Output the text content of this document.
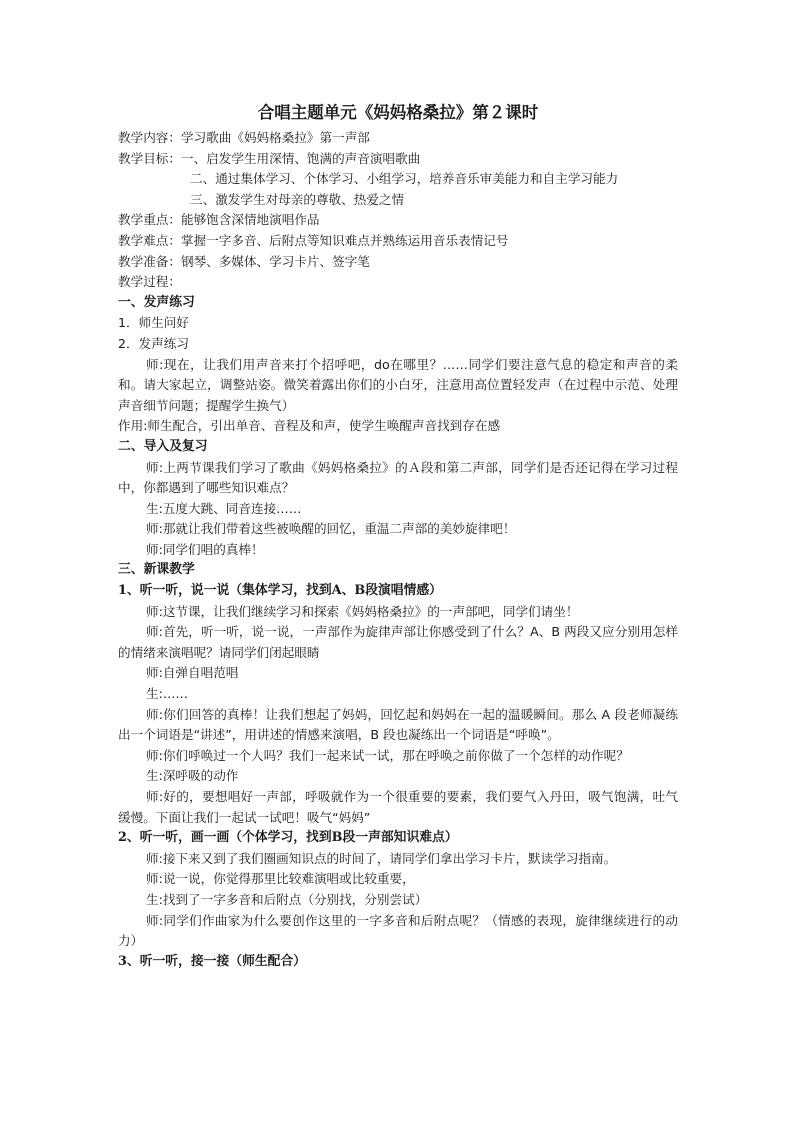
合唱主题单元《妈妈格桑拉》第２课时
教学内容： 学习歌曲《妈妈格桑拉》第一声部
教学目标： 一、启发学生用深情、饱满的声音演唱歌曲
二、通过集体学习、个体学习、小组学习，培养音乐审美能力和自主学习能力
三、激发学生对母亲的尊敬、热爱之情
教学重点： 能够饱含深情地演唱作品
教学难点： 掌握一字多音、后附点等知识难点并熟练运用音乐表情记号
教学准备： 钢琴、多媒体、学习卡片、签字笔
教学过程：
一、发声练习
1．师生问好
2．发声练习

师:现在，让我们用声音来打个招呼吧，do在哪里？……同学们要注意气息的稳定和声音的柔和。请大家起立，调整站姿。微笑着露出你们的小白牙，注意用高位置轻发声（在过程中示范、处理声音细节问题；提醒学生换气）

作用:师生配合，引出单音、音程及和声，使学生唤醒声音找到存在感

二、导入及复习

师:上两节课我们学习了歌曲《妈妈格桑拉》的Ａ段和第二声部，同学们是否还记得在学习过程中，你都遇到了哪些知识难点？

生:五度大跳、同音连接……

师:那就让我们带着这些被唤醒的回忆，重温二声部的美妙旋律吧！

师:同学们唱的真棒！

三、新课教学
1、听一听，说一说（集体学习，找到A、B段演唱情感）

师:这节课，让我们继续学习和探索《妈妈格桑拉》的一声部吧，同学们请坐！

师:首先，听一听，说一说，一声部作为旋律声部让你感受到了什么？A、B 两段又应分别用怎样的情绪来演唱呢？请同学们闭起眼睛

师:自弹自唱范唱

生:……

师:你们回答的真棒！让我们想起了妈妈，回忆起和妈妈在一起的温暖瞬间。那么 A 段老师凝练出一个词语是“讲述”，用讲述的情感来演唱，B 段也凝练出一个词语是“呼唤”。

师:你们呼唤过一个人吗？我们一起来试一试，那在呼唤之前你做了一个怎样的动作呢？

生:深呼吸的动作

师:好的，要想唱好一声部，呼吸就作为一个很重要的要素，我们要气入丹田，吸气饱满，吐气缓慢。下面让我们一起试一试吧！吸气“妈妈”

2、听一听，画一画（个体学习，找到B段一声部知识难点）

师:接下来又到了我们圈画知识点的时间了，请同学们拿出学习卡片，默读学习指南。

师:说一说，你觉得那里比较难演唱或比较重要，

生:找到了一字多音和后附点（分别找，分别尝试）

师:同学们作曲家为什么要创作这里的一字多音和后附点呢？（情感的表现，旋律继续进行的动力）

3、听一听，接一接（师生配合）
